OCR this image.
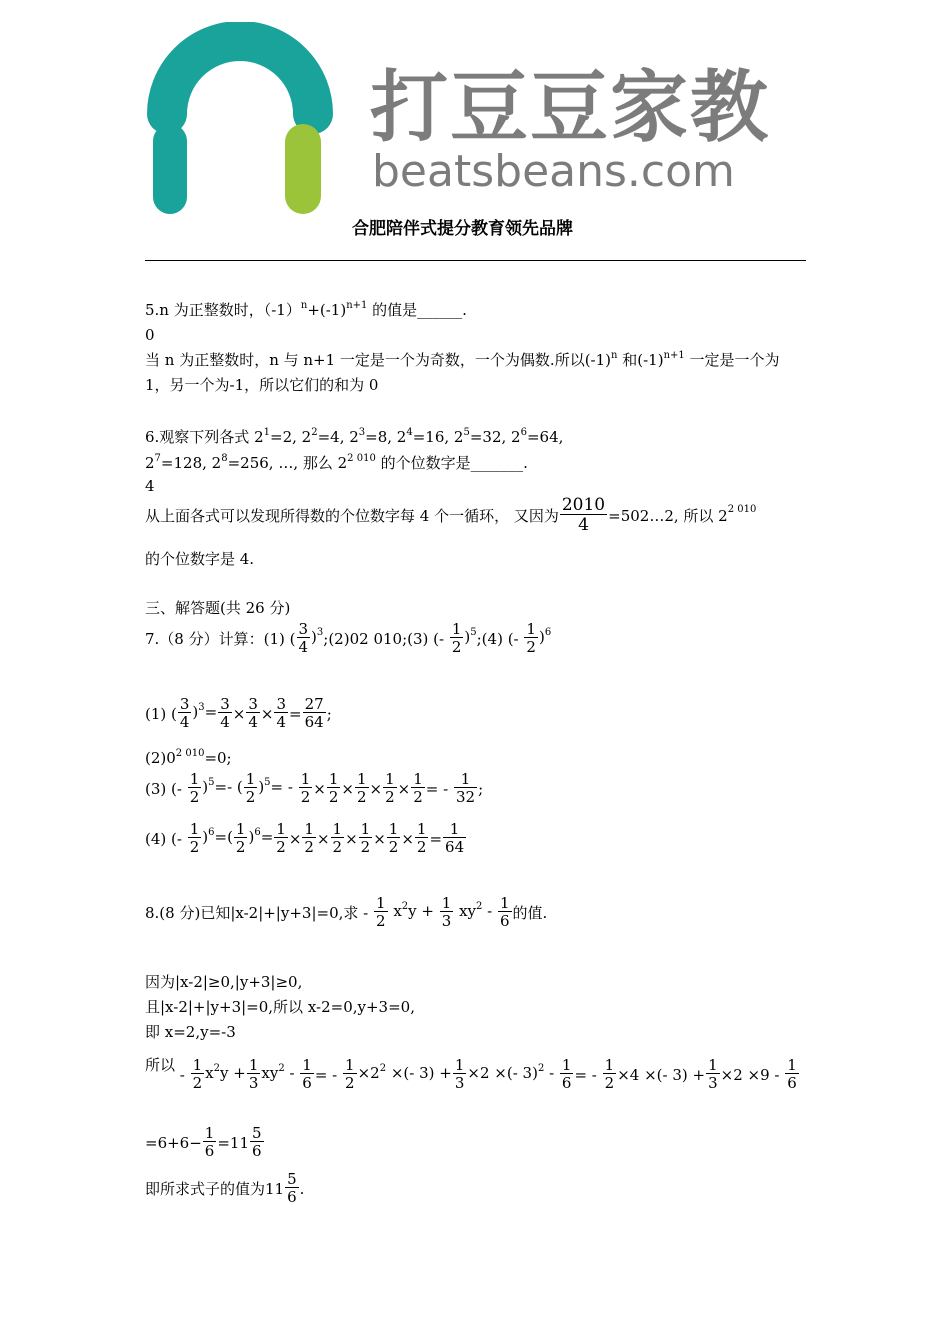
打豆豆家教
beatsbeans.com
合肥陪伴式提分教育领先品牌
5.n 为正整数时，$(-1)^n+(-1)^{n+1}$ 的值是______.
0
当 n 为正整数时，n 与 n+1 一定是一个为奇数，一个为偶数.所以$(-1)^n$ 和$(-1)^{n+1}$ 一定是一个为
1，另一个为-1，所以它们的和为 0
6.观察下列各式 $2^1=2$, $2^2=4$, $2^3=8$, $2^4=16$, $2^5=32$, $2^6=64$,
$2^7=128$, $2^8=256$, …, 那么 $2^{2 010}$ 的个位数字是_______.
4
从上面各式可以发现所得数的个位数字每 4 个一循环， 又因为 $\frac{2010}{4}$ =502…2, 所以 $2^{2 010}$
的个位数字是 4.
三、解答题(共 26 分)
7.（8 分）计算：(1) ( $\frac{3}{4}$ )$^3$;(2)02 010;(3) (- $\frac{1}{2}$ )$^5$;(4) (- $\frac{1}{2} )^6$
(1) ( $\frac{3}{4} )^3= \frac{3}{4} \times \frac{3}{4} \times \frac{3}{4} = \frac{27}{64}$ ;
$(2)0^{2 010}=0$;
(3) (- $\frac{1}{2} )^5=-$ ( $\frac{1}{2} )^5= - \frac{1}{2} \times \frac{1}{2} \times \frac{1}{2} \times \frac{1}{2} \times \frac{1}{2}$ = - $\frac{1}{32}$ ;
(4) (- $\frac{1}{2} )^6=( \frac{1}{2} )^6= \frac{1}{2} \times \frac{1}{2} \times \frac{1}{2} \times \frac{1}{2} \times \frac{1}{2} \times \frac{1}{2} = \frac{1}{64}$
8.(8 分)已知|x-2|+|y+3|=0,求 - $\frac{1}{2} x^2y + \frac{1}{3} xy^2 - \frac{1}{6}$ 的值.
因为|x-2|≥0,|y+3|≥0,
且|x-2|+|y+3|=0,所以 x-2=0,y+3=0,
即 x=2,y=-3
所以 - $\frac{1}{2} x^2y + \frac{1}{3} xy^2 - \frac{1}{6}$ = - $\frac{1}{2} \times 2^2$ ×(- $3) + \frac{1}{3} \times 2$ ×(- $3)^2 - \frac{1}{6}$ = - $\frac{1}{2} \times 4$ ×(- $3) + \frac{1}{3} \times 2 \times 9 - \frac{1}{6}$
$=6+6- \frac{1}{6} =11 \frac{5}{6}$
即所求式子的值为$11 \frac{5}{6}$ .
